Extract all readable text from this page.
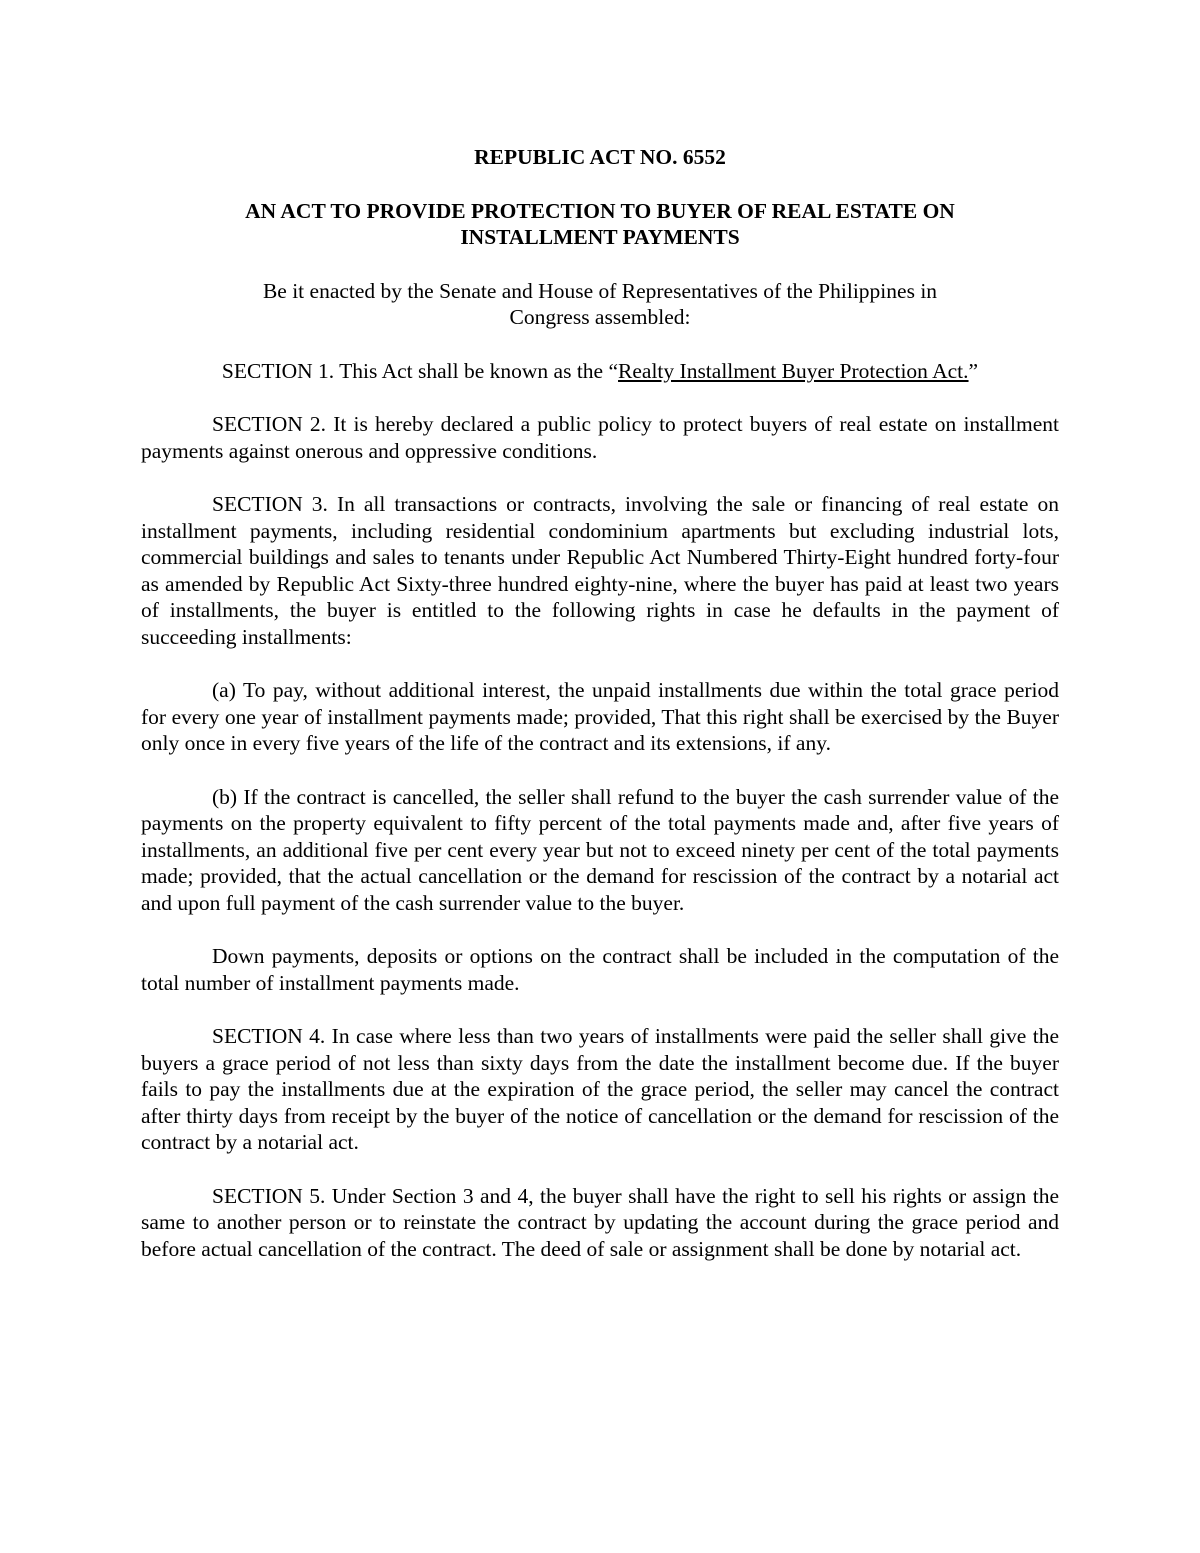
REPUBLIC ACT NO. 6552

AN ACT TO PROVIDE PROTECTION TO BUYER OF REAL ESTATE ON
INSTALLMENT PAYMENTS

Be it enacted by the Senate and House of Representatives of the Philippines in
Congress assembled:

SECTION 1. This Act shall be known as the “Realty Installment Buyer Protection Act.”

SECTION 2. It is hereby declared a public policy to protect buyers of real estate on installment payments against onerous and oppressive conditions.

SECTION 3. In all transactions or contracts, involving the sale or financing of real estate on installment payments, including residential condominium apartments but excluding industrial lots, commercial buildings and sales to tenants under Republic Act Numbered Thirty-Eight hundred forty-four as amended by Republic Act Sixty-three hundred eighty-nine, where the buyer has paid at least two years of installments, the buyer is entitled to the following rights in case he defaults in the payment of succeeding installments:

(a) To pay, without additional interest, the unpaid installments due within the total grace period for every one year of installment payments made; provided, That this right shall be exercised by the Buyer only once in every five years of the life of the contract and its extensions, if any.

(b) If the contract is cancelled, the seller shall refund to the buyer the cash surrender value of the payments on the property equivalent to fifty percent of the total payments made and, after five years of installments, an additional five per cent every year but not to exceed ninety per cent of the total payments made; provided, that the actual cancellation or the demand for rescission of the contract by a notarial act and upon full payment of the cash surrender value to the buyer.

Down payments, deposits or options on the contract shall be included in the computation of the total number of installment payments made.

SECTION 4. In case where less than two years of installments were paid the seller shall give the buyers a grace period of not less than sixty days from the date the installment become due. If the buyer fails to pay the installments due at the expiration of the grace period, the seller may cancel the contract after thirty days from receipt by the buyer of the notice of cancellation or the demand for rescission of the contract by a notarial act.

SECTION 5. Under Section 3 and 4, the buyer shall have the right to sell his rights or assign the same to another person or to reinstate the contract by updating the account during the grace period and before actual cancellation of the contract. The deed of sale or assignment shall be done by notarial act.
